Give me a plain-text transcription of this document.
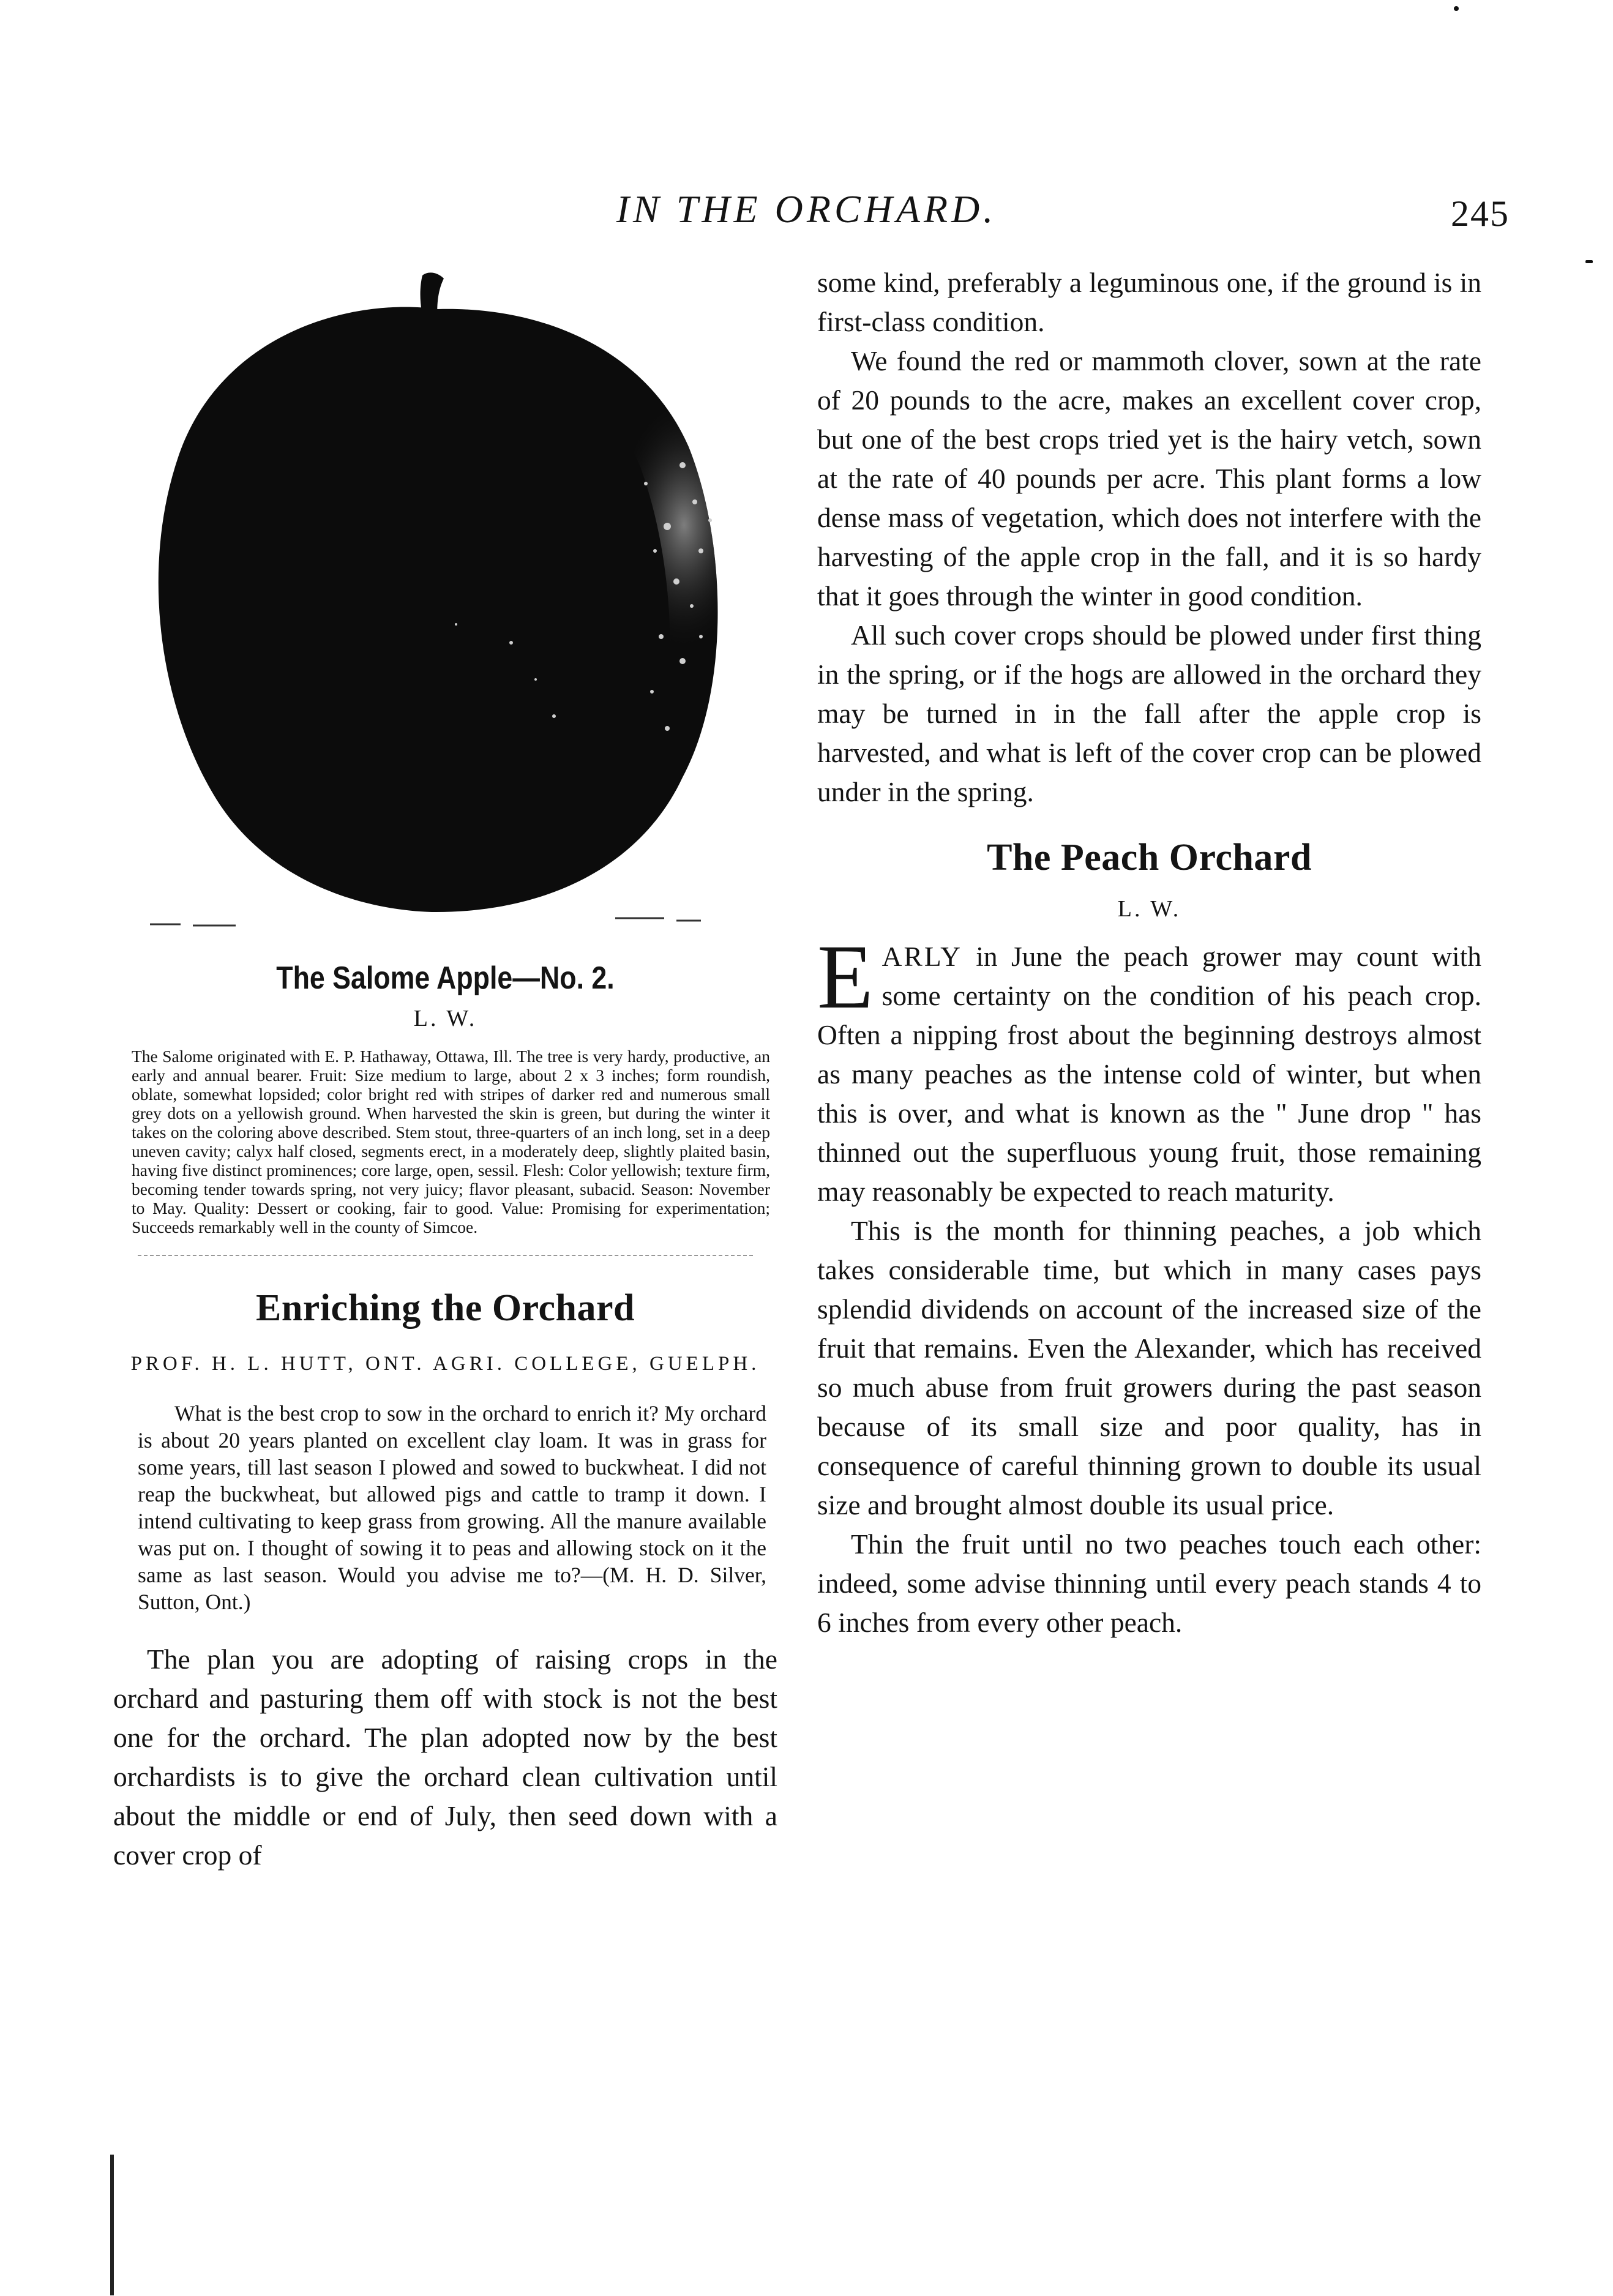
IN THE ORCHARD.	245
The Salome Apple—No. 2.
L. W.
The Salome originated with E. P. Hathaway, Ottawa, Ill. The tree is very hardy, productive, an early and annual bearer. Fruit: Size medium to large, about 2 x 3 inches; form roundish, oblate, somewhat lopsided; color bright red with stripes of darker red and numerous small grey dots on a yellowish ground. When harvested the skin is green, but during the winter it takes on the coloring above described. Stem stout, three-quarters of an inch long, set in a deep uneven cavity; calyx half closed, segments erect, in a moderately deep, slightly plaited basin, having five distinct prominences; core large, open, sessil. Flesh: Color yellowish; texture firm, becoming tender towards spring, not very juicy; flavor pleasant, subacid. Season: November to May. Quality: Dessert or cooking, fair to good. Value: Promising for experimentation; Succeeds remarkably well in the county of Simcoe.
Enriching the Orchard
PROF. H. L. HUTT, ONT. AGRI. COLLEGE, GUELPH.
What is the best crop to sow in the orchard to enrich it? My orchard is about 20 years planted on excellent clay loam. It was in grass for some years, till last season I plowed and sowed to buckwheat. I did not reap the buckwheat, but allowed pigs and cattle to tramp it down. I intend cultivating to keep grass from growing. All the manure available was put on. I thought of sowing it to peas and allowing stock on it the same as last season. Would you advise me to?—(M. H. D. Silver, Sutton, Ont.)

The plan you are adopting of raising crops in the orchard and pasturing them off with stock is not the best one for the orchard. The plan adopted now by the best orchardists is to give the orchard clean cultivation until about the middle or end of July, then seed down with a cover crop of

some kind, preferably a leguminous one, if the ground is in first-class condition.

We found the red or mammoth clover, sown at the rate of 20 pounds to the acre, makes an excellent cover crop, but one of the best crops tried yet is the hairy vetch, sown at the rate of 40 pounds per acre. This plant forms a low dense mass of vegetation, which does not interfere with the harvesting of the apple crop in the fall, and it is so hardy that it goes through the winter in good condition.

All such cover crops should be plowed under first thing in the spring, or if the hogs are allowed in the orchard they may be turned in in the fall after the apple crop is harvested, and what is left of the cover crop can be plowed under in the spring.

The Peach Orchard
L. W.

EARLY in June the peach grower may count with some certainty on the condition of his peach crop. Often a nipping frost about the beginning destroys almost as many peaches as the intense cold of winter, but when this is over, and what is known as the " June drop " has thinned out the superfluous young fruit, those remaining may reasonably be expected to reach maturity.

This is the month for thinning peaches, a job which takes considerable time, but which in many cases pays splendid dividends on account of the increased size of the fruit that remains. Even the Alexander, which has received so much abuse from fruit growers during the past season because of its small size and poor quality, has in consequence of careful thinning grown to double its usual size and brought almost double its usual price.

Thin the fruit until no two peaches touch each other: indeed, some advise thinning until every peach stands 4 to 6 inches from every other peach.
